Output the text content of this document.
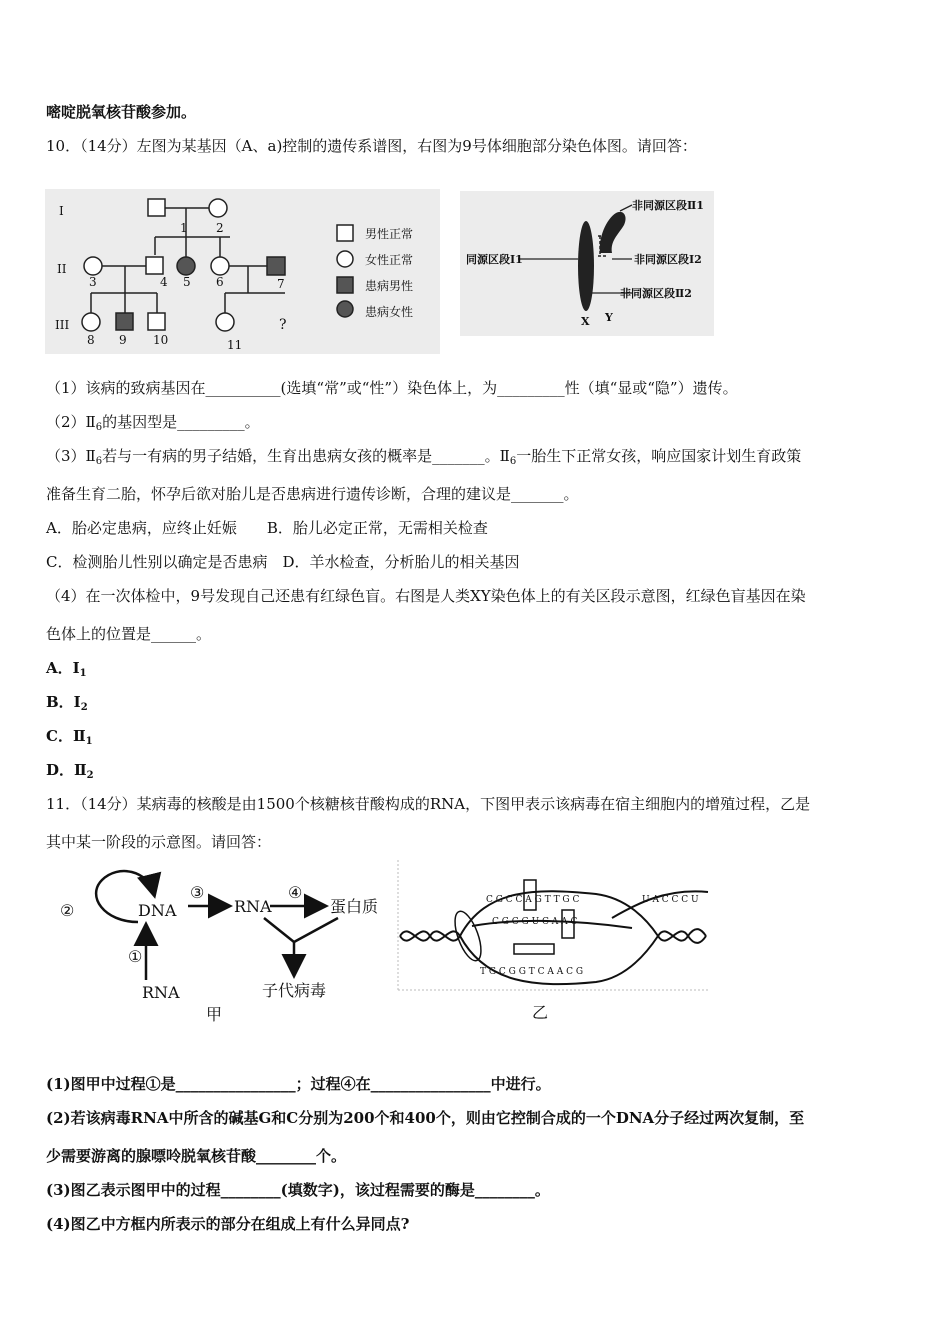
嘧啶脱氧核苷酸参加。
10．（14分）左图为某基因（A、a)控制的遗传系谱图，右图为9号体细胞部分染色体图。请回答：
I
II
III
1 2
3	4 5 6	7
8 9 10	11
?
男性正常
女性正常
患病男性
患病女性
非同源区段Ⅱ1
同源区段I1	非同源区段I2
非同源区段Ⅱ2
X Y
（1）该病的致病基因在__________(选填“常”或“性”）染色体上，为_________性（填“显或“隐”）遗传。
$(2)Ⅱ_6$的基因型是_________。
$(3)Ⅱ_6$若与一有病的男子结婚，生育出患病女孩的概率是_______。$Ⅱ_6$一胎生下正常女孩，响应国家计划生育政策
准备生育二胎，怀孕后欲对胎儿是否患病进行遗传诊断，合理的建议是_______。
A．胎必定患病，应终止妊娠　　B．胎儿必定正常，无需相关检查
C．检测胎儿性别以确定是否患病　D．羊水检查，分析胎儿的相关基因
（4）在一次体检中，9号发现自己还患有红绿色盲。右图是人类XY染色体上的有关区段示意图，红绿色盲基因在染
色体上的位置是______。
A．$I_1$
B．$I_2$
C．$Ⅱ_1$
D．$Ⅱ_2$
11．（14分）某病毒的核酸是由1500个核糖核苷酸构成的RNA，下图甲表示该病毒在宿主细胞内的增殖过程，乙是
其中某一阶段的示意图。请回答：
②	DNA
③
RNA
④
蛋白质
①
RNA	子代病毒
甲
C G C C A G T T G C
C G C G U C A A C
T G C G G T C A A C G
U A C C C U
乙
(1)图甲中过程①是________________；过程④在________________中进行。
(2)若该病毒RNA中所含的碱基G和C分别为200个和400个，则由它控制合成的一个DNA分子经过两次复制，至
少需要游离的腺嘌呤脱氧核苷酸________个。
(3)图乙表示图甲中的过程________(填数字)，该过程需要的酶是________。
(4)图乙中方框内所表示的部分在组成上有什么异同点?
